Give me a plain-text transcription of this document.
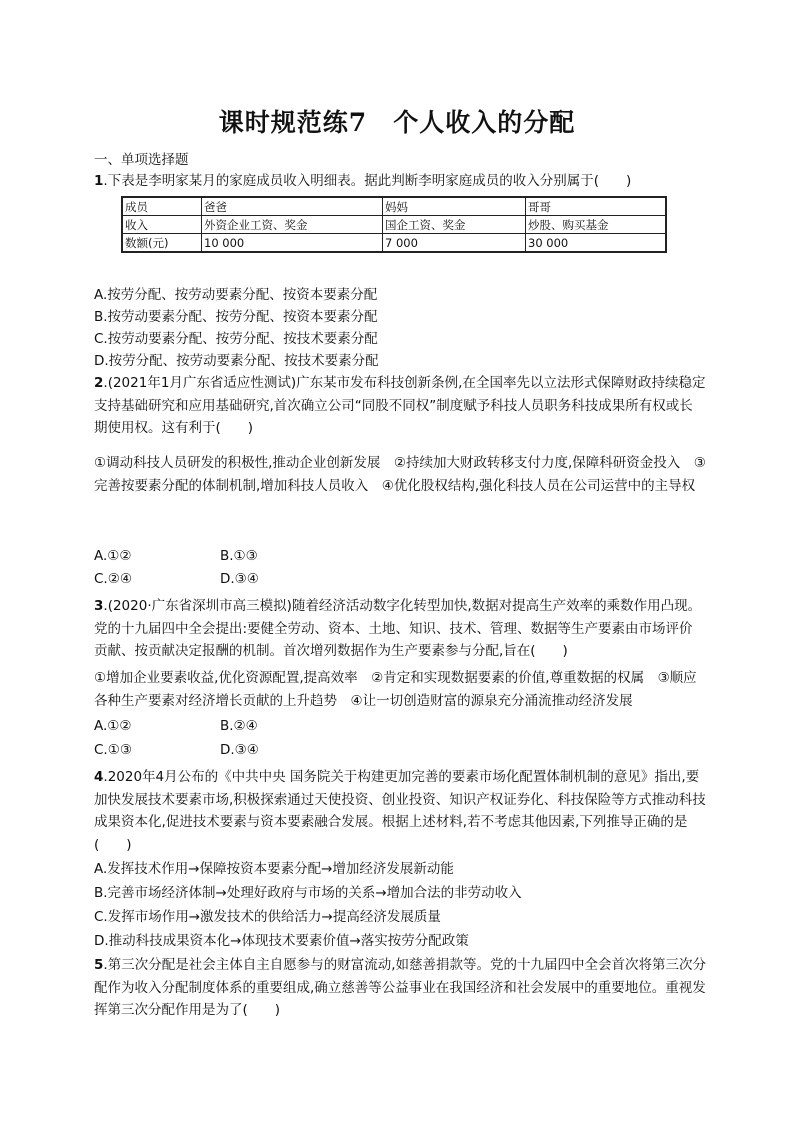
课时规范练7　个人收入的分配
一、单项选择题
1.下表是李明家某月的家庭成员收入明细表。据此判断李明家庭成员的收入分别属于(　　)
成员	爸爸	妈妈	哥哥
收入	外资企业工资、奖金	国企工资、奖金	炒股、购买基金
数额(元)	10 000	7 000	30 000
A.按劳分配、按劳动要素分配、按资本要素分配
B.按劳动要素分配、按劳分配、按资本要素分配
C.按劳动要素分配、按劳分配、按技术要素分配
D.按劳分配、按劳动要素分配、按技术要素分配
2.(2021年1月广东省适应性测试)广东某市发布科技创新条例,在全国率先以立法形式保障财政持续稳定支持基础研究和应用基础研究,首次确立公司“同股不同权”制度赋予科技人员职务科技成果所有权或长期使用权。这有利于(　　)
①调动科技人员研发的积极性,推动企业创新发展　②持续加大财政转移支付力度,保障科研资金投入　③完善按要素分配的体制机制,增加科技人员收入　④优化股权结构,强化科技人员在公司运营中的主导权
A.①②	B.①③
C.②④	D.③④
3.(2020·广东省深圳市高三模拟)随着经济活动数字化转型加快,数据对提高生产效率的乘数作用凸现。党的十九届四中全会提出:要健全劳动、资本、土地、知识、技术、管理、数据等生产要素由市场评价贡献、按贡献决定报酬的机制。首次增列数据作为生产要素参与分配,旨在(　　)
①增加企业要素收益,优化资源配置,提高效率　②肯定和实现数据要素的价值,尊重数据的权属　③顺应各种生产要素对经济增长贡献的上升趋势　④让一切创造财富的源泉充分涌流推动经济发展
A.①②	B.②④
C.①③	D.③④
4.2020年4月公布的《中共中央 国务院关于构建更加完善的要素市场化配置体制机制的意见》指出,要加快发展技术要素市场,积极探索通过天使投资、创业投资、知识产权证券化、科技保险等方式推动科技成果资本化,促进技术要素与资本要素融合发展。根据上述材料,若不考虑其他因素,下列推导正确的是(　　)
A.发挥技术作用→保障按资本要素分配→增加经济发展新动能
B.完善市场经济体制→处理好政府与市场的关系→增加合法的非劳动收入
C.发挥市场作用→激发技术的供给活力→提高经济发展质量
D.推动科技成果资本化→体现技术要素价值→落实按劳分配政策
5.第三次分配是社会主体自主自愿参与的财富流动,如慈善捐款等。党的十九届四中全会首次将第三次分配作为收入分配制度体系的重要组成,确立慈善等公益事业在我国经济和社会发展中的重要地位。重视发挥第三次分配作用是为了(　　)
